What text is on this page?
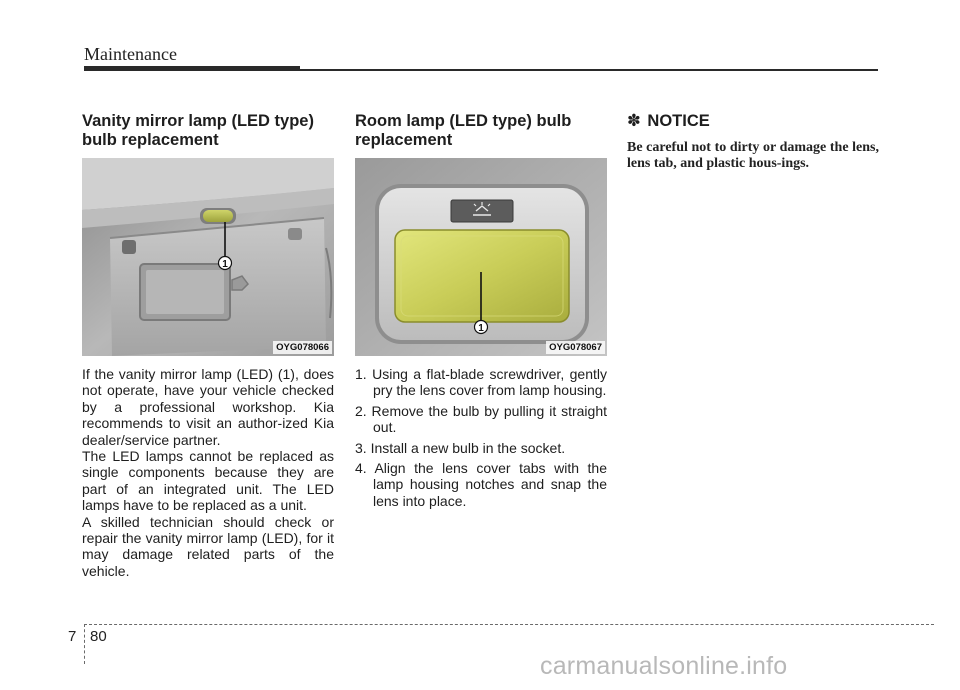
Maintenance
Vanity mirror lamp (LED type) bulb replacement
1
OYG078066

If the vanity mirror lamp (LED) (1), does not operate, have your vehicle checked by a professional workshop. Kia recommends to visit an author-ized Kia dealer/service partner.

The LED lamps cannot be replaced as single components because they are part of an integrated unit. The LED lamps have to be replaced as a unit.

A skilled technician should check or repair the vanity mirror lamp (LED), for it may damage related parts of the vehicle.

Room lamp (LED type) bulb replacement
1
OYG078067
1. Using a flat-blade screwdriver, gently pry the lens cover from lamp housing.
2. Remove the bulb by pulling it straight out.
3. Install a new bulb in the socket.
4. Align the lens cover tabs with the lamp housing notches and snap the lens into place.
✽ NOTICE
Be careful not to dirty or damage the lens, lens tab, and plastic hous-ings.
7 80
carmanualsonline.info
